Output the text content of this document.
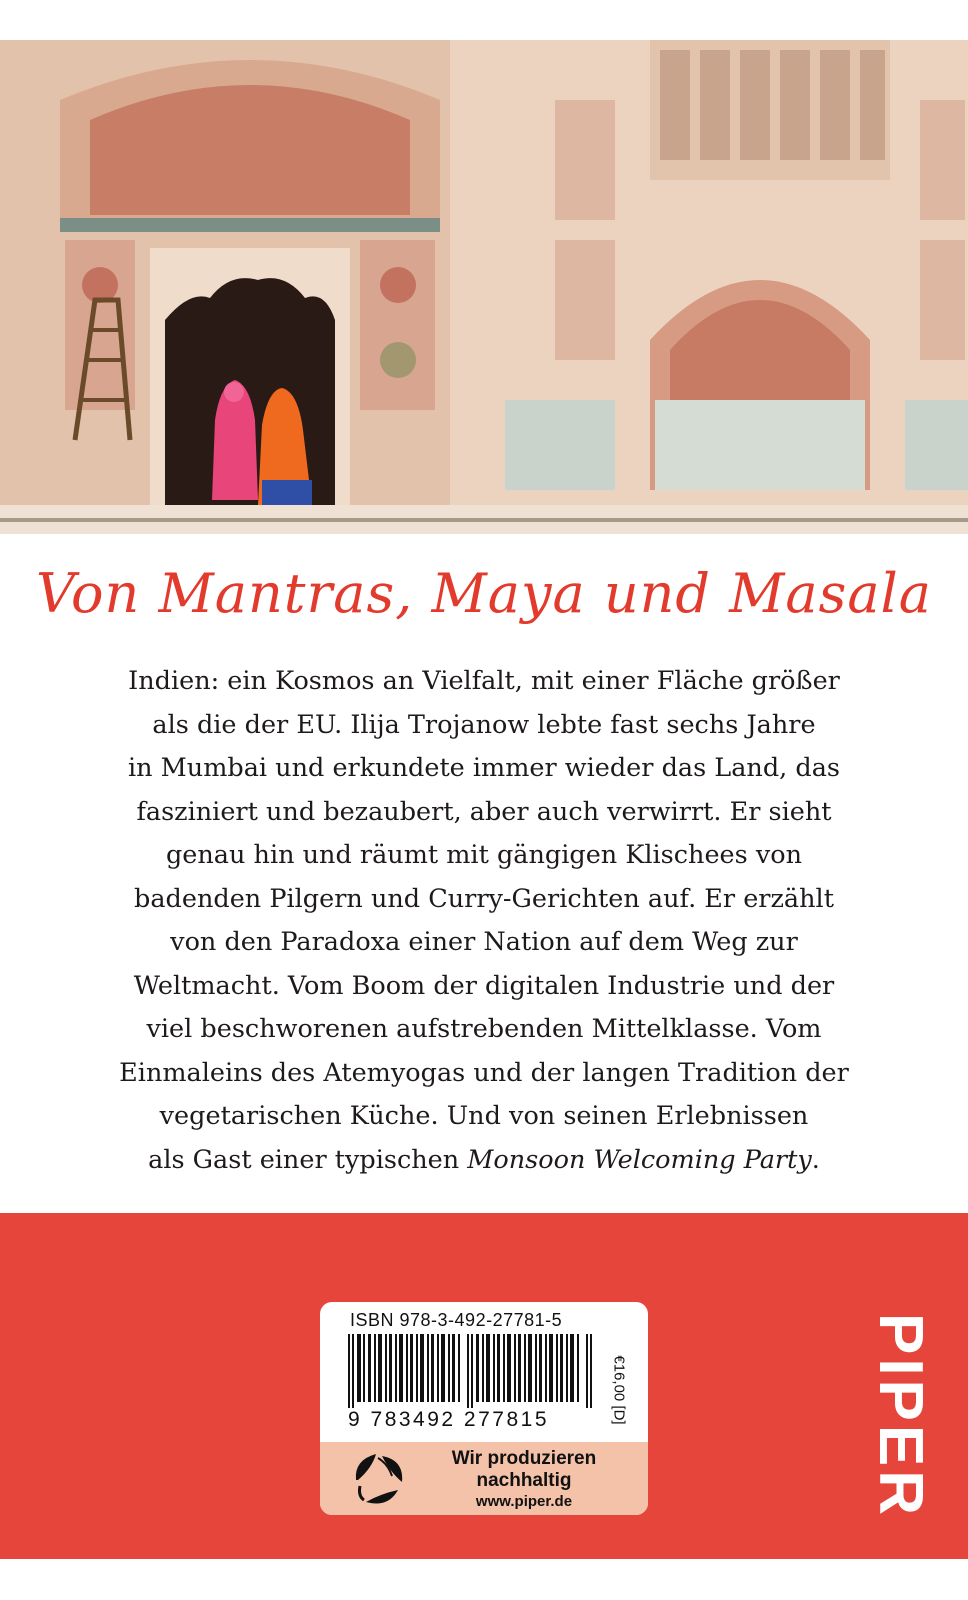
Von Mantras, Maya und Masala
Indien: ein Kosmos an Vielfalt, mit einer Fläche größer
als die der EU. Ilija Trojanow lebte fast sechs Jahre
in Mumbai und erkundete immer wieder das Land, das
fasziniert und bezaubert, aber auch verwirrt. Er sieht
genau hin und räumt mit gängigen Klischees von
badenden Pilgern und Curry-Gerichten auf. Er erzählt
von den Paradoxa einer Nation auf dem Weg zur
Weltmacht. Vom Boom der digitalen Industrie und der
viel beschworenen aufstrebenden Mittelklasse. Vom
Einmaleins des Atemyogas und der langen Tradition der
vegetarischen Küche. Und von seinen Erlebnissen
als Gast einer typischen Monsoon Welcoming Party.
ISBN 978-3-492-27781-5
9 783492 277815	€16,00 [D]
Wir produzieren
nachhaltig
www.piper.de	PIPER
